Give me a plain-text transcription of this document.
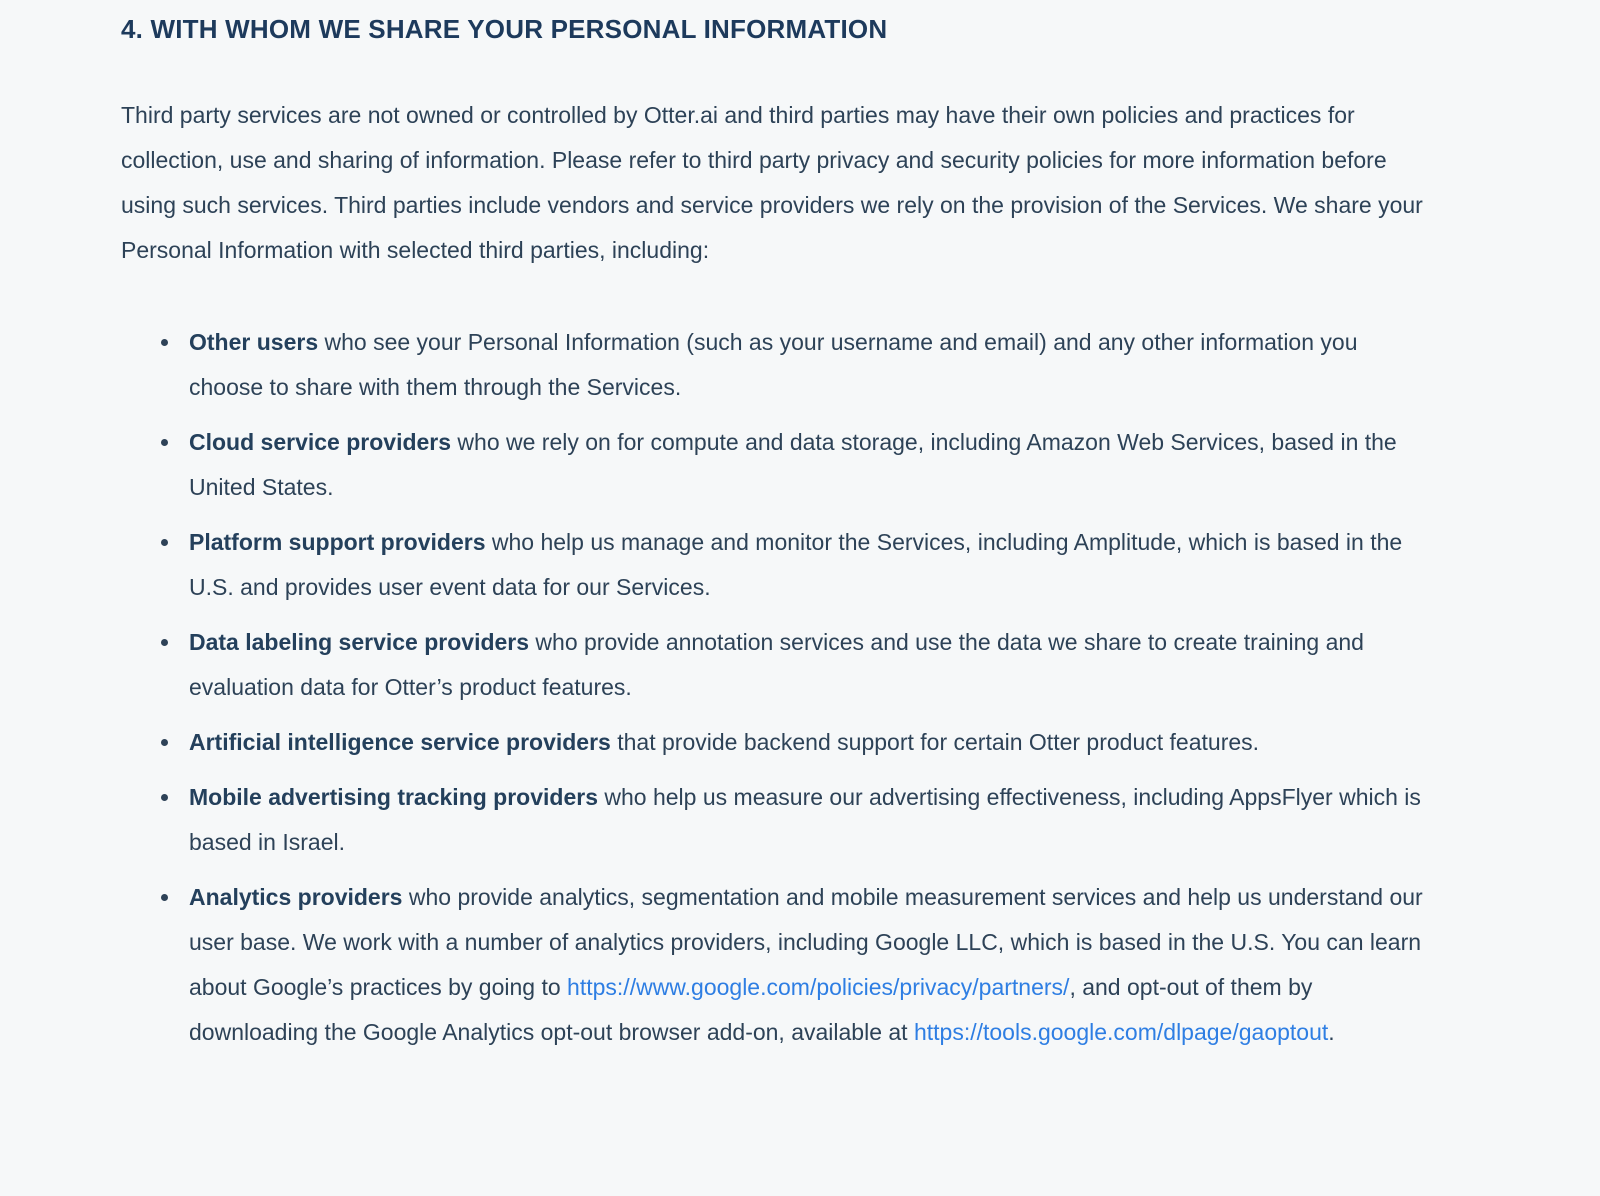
4. WITH WHOM WE SHARE YOUR PERSONAL INFORMATION

Third party services are not owned or controlled by Otter.ai and third parties may have their own policies and practices for collection, use and sharing of information. Please refer to third party privacy and security policies for more information before using such services. Third parties include vendors and service providers we rely on the provision of the Services. We share your Personal Information with selected third parties, including:

Other users who see your Personal Information (such as your username and email) and any other information you choose to share with them through the Services.
Cloud service providers who we rely on for compute and data storage, including Amazon Web Services, based in the United States.
Platform support providers who help us manage and monitor the Services, including Amplitude, which is based in the U.S. and provides user event data for our Services.
Data labeling service providers who provide annotation services and use the data we share to create training and evaluation data for Otter’s product features.
Artificial intelligence service providers that provide backend support for certain Otter product features.
Mobile advertising tracking providers who help us measure our advertising effectiveness, including AppsFlyer which is based in Israel.
Analytics providers who provide analytics, segmentation and mobile measurement services and help us understand our user base. We work with a number of analytics providers, including Google LLC, which is based in the U.S. You can learn about Google’s practices by going to https://www.google.com/policies/privacy/partners/, and opt-out of them by downloading the Google Analytics opt-out browser add-on, available at https://tools.google.com/dlpage/gaoptout.
